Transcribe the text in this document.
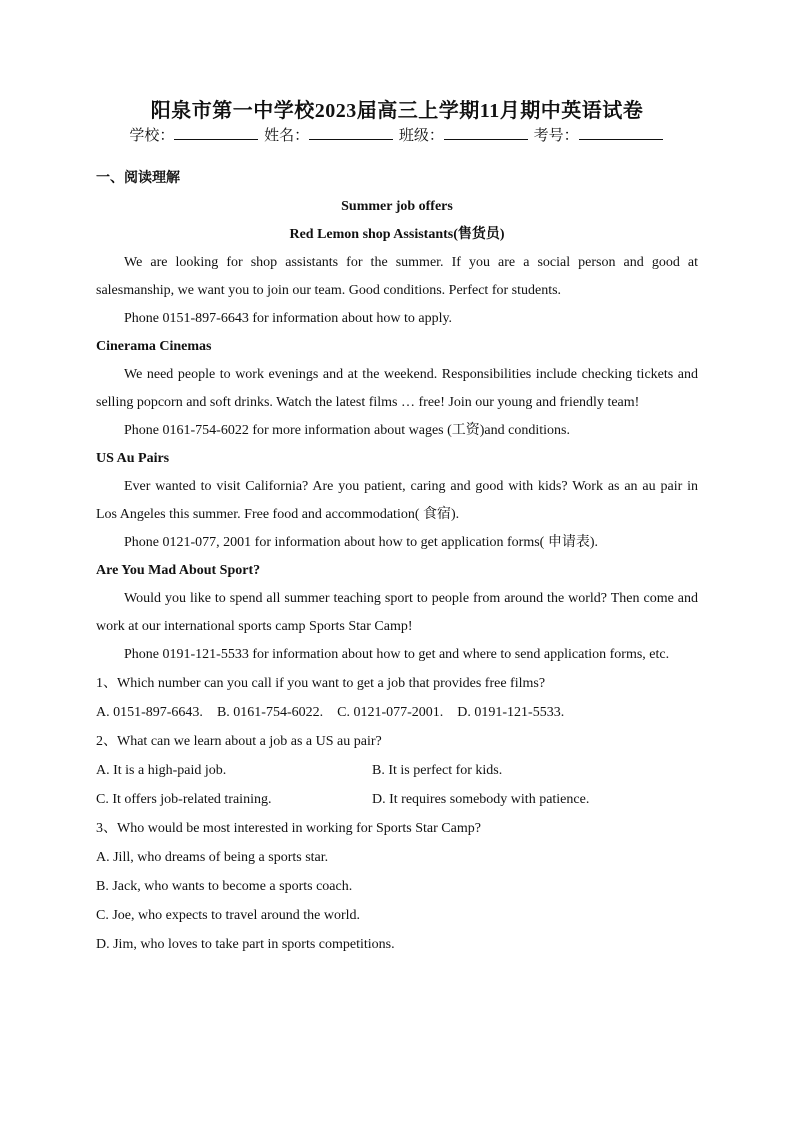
阳泉市第一中学校2023届高三上学期11月期中英语试卷
学校：	姓名：	班级：	考号：
一、阅读理解
Summer job offers
Red Lemon shop Assistants(售货员)

We are looking for shop assistants for the summer. If you are a social person and good at salesmanship, we want you to join our team. Good conditions. Perfect for students.

Phone 0151-897-6643 for information about how to apply.

Cinerama Cinemas

We need people to work evenings and at the weekend. Responsibilities include checking tickets and selling popcorn and soft drinks. Watch the latest films … free! Join our young and friendly team!

Phone 0161-754-6022 for more information about wages (工资)and conditions.

US Au Pairs

Ever wanted to visit California? Are you patient, caring and good with kids? Work as an au pair in Los Angeles this summer. Free food and accommodation( 食宿).

Phone 0121-077, 2001 for information about how to get application forms( 申请表).

Are You Mad About Sport?

Would you like to spend all summer teaching sport to people from around the world? Then come and work at our international sports camp Sports Star Camp!

Phone 0191-121-5533 for information about how to get and where to send application forms, etc.

1、Which number can you call if you want to get a job that provides free films?

A. 0151-897-6643. B. 0161-754-6022. C. 0121-077-2001. D. 0191-121-5533.

2、What can we learn about a job as a US au pair?

A. It is a high-paid job.	B. It is perfect for kids.
C. It offers job-related training.	D. It requires somebody with patience.

3、Who would be most interested in working for Sports Star Camp?

A. Jill, who dreams of being a sports star.

B. Jack, who wants to become a sports coach.

C. Joe, who expects to travel around the world.

D. Jim, who loves to take part in sports competitions.
